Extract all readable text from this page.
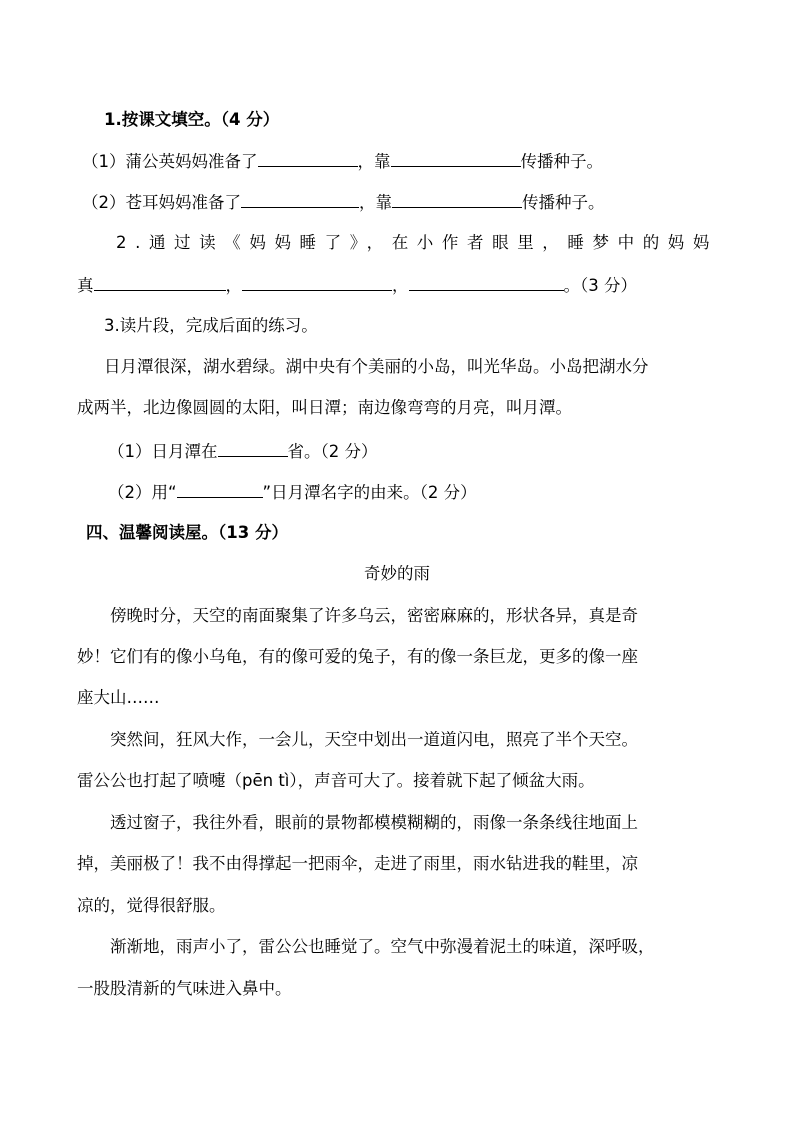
1.按课文填空。（4 分）
（1）蒲公英妈妈准备了	，靠	传播种子。
（2）苍耳妈妈准备了	，靠	传播种子。
2.通过读《妈妈睡了》，在小作者眼里，睡梦中的妈妈
真	，	，	。（3 分）
3.读片段，完成后面的练习。
日月潭很深，湖水碧绿。湖中央有个美丽的小岛，叫光华岛。小岛把湖水分
成两半，北边像圆圆的太阳，叫日潭；南边像弯弯的月亮，叫月潭。
（1）日月潭在	省。（2 分）
（2）用“	”日月潭名字的由来。（2 分）
四、温馨阅读屋。（13 分）
奇妙的雨
傍晚时分，天空的南面聚集了许多乌云，密密麻麻的，形状各异，真是奇
妙！它们有的像小乌龟，有的像可爱的兔子，有的像一条巨龙，更多的像一座
座大山……
突然间，狂风大作，一会儿，天空中划出一道道闪电，照亮了半个天空。
雷公公也打起了喷嚏（pēn tì），声音可大了。接着就下起了倾盆大雨。
透过窗子，我往外看，眼前的景物都模模糊糊的，雨像一条条线往地面上
掉，美丽极了！我不由得撑起一把雨伞，走进了雨里，雨水钻进我的鞋里，凉
凉的，觉得很舒服。
渐渐地，雨声小了，雷公公也睡觉了。空气中弥漫着泥土的味道，深呼吸，
一股股清新的气味进入鼻中。
